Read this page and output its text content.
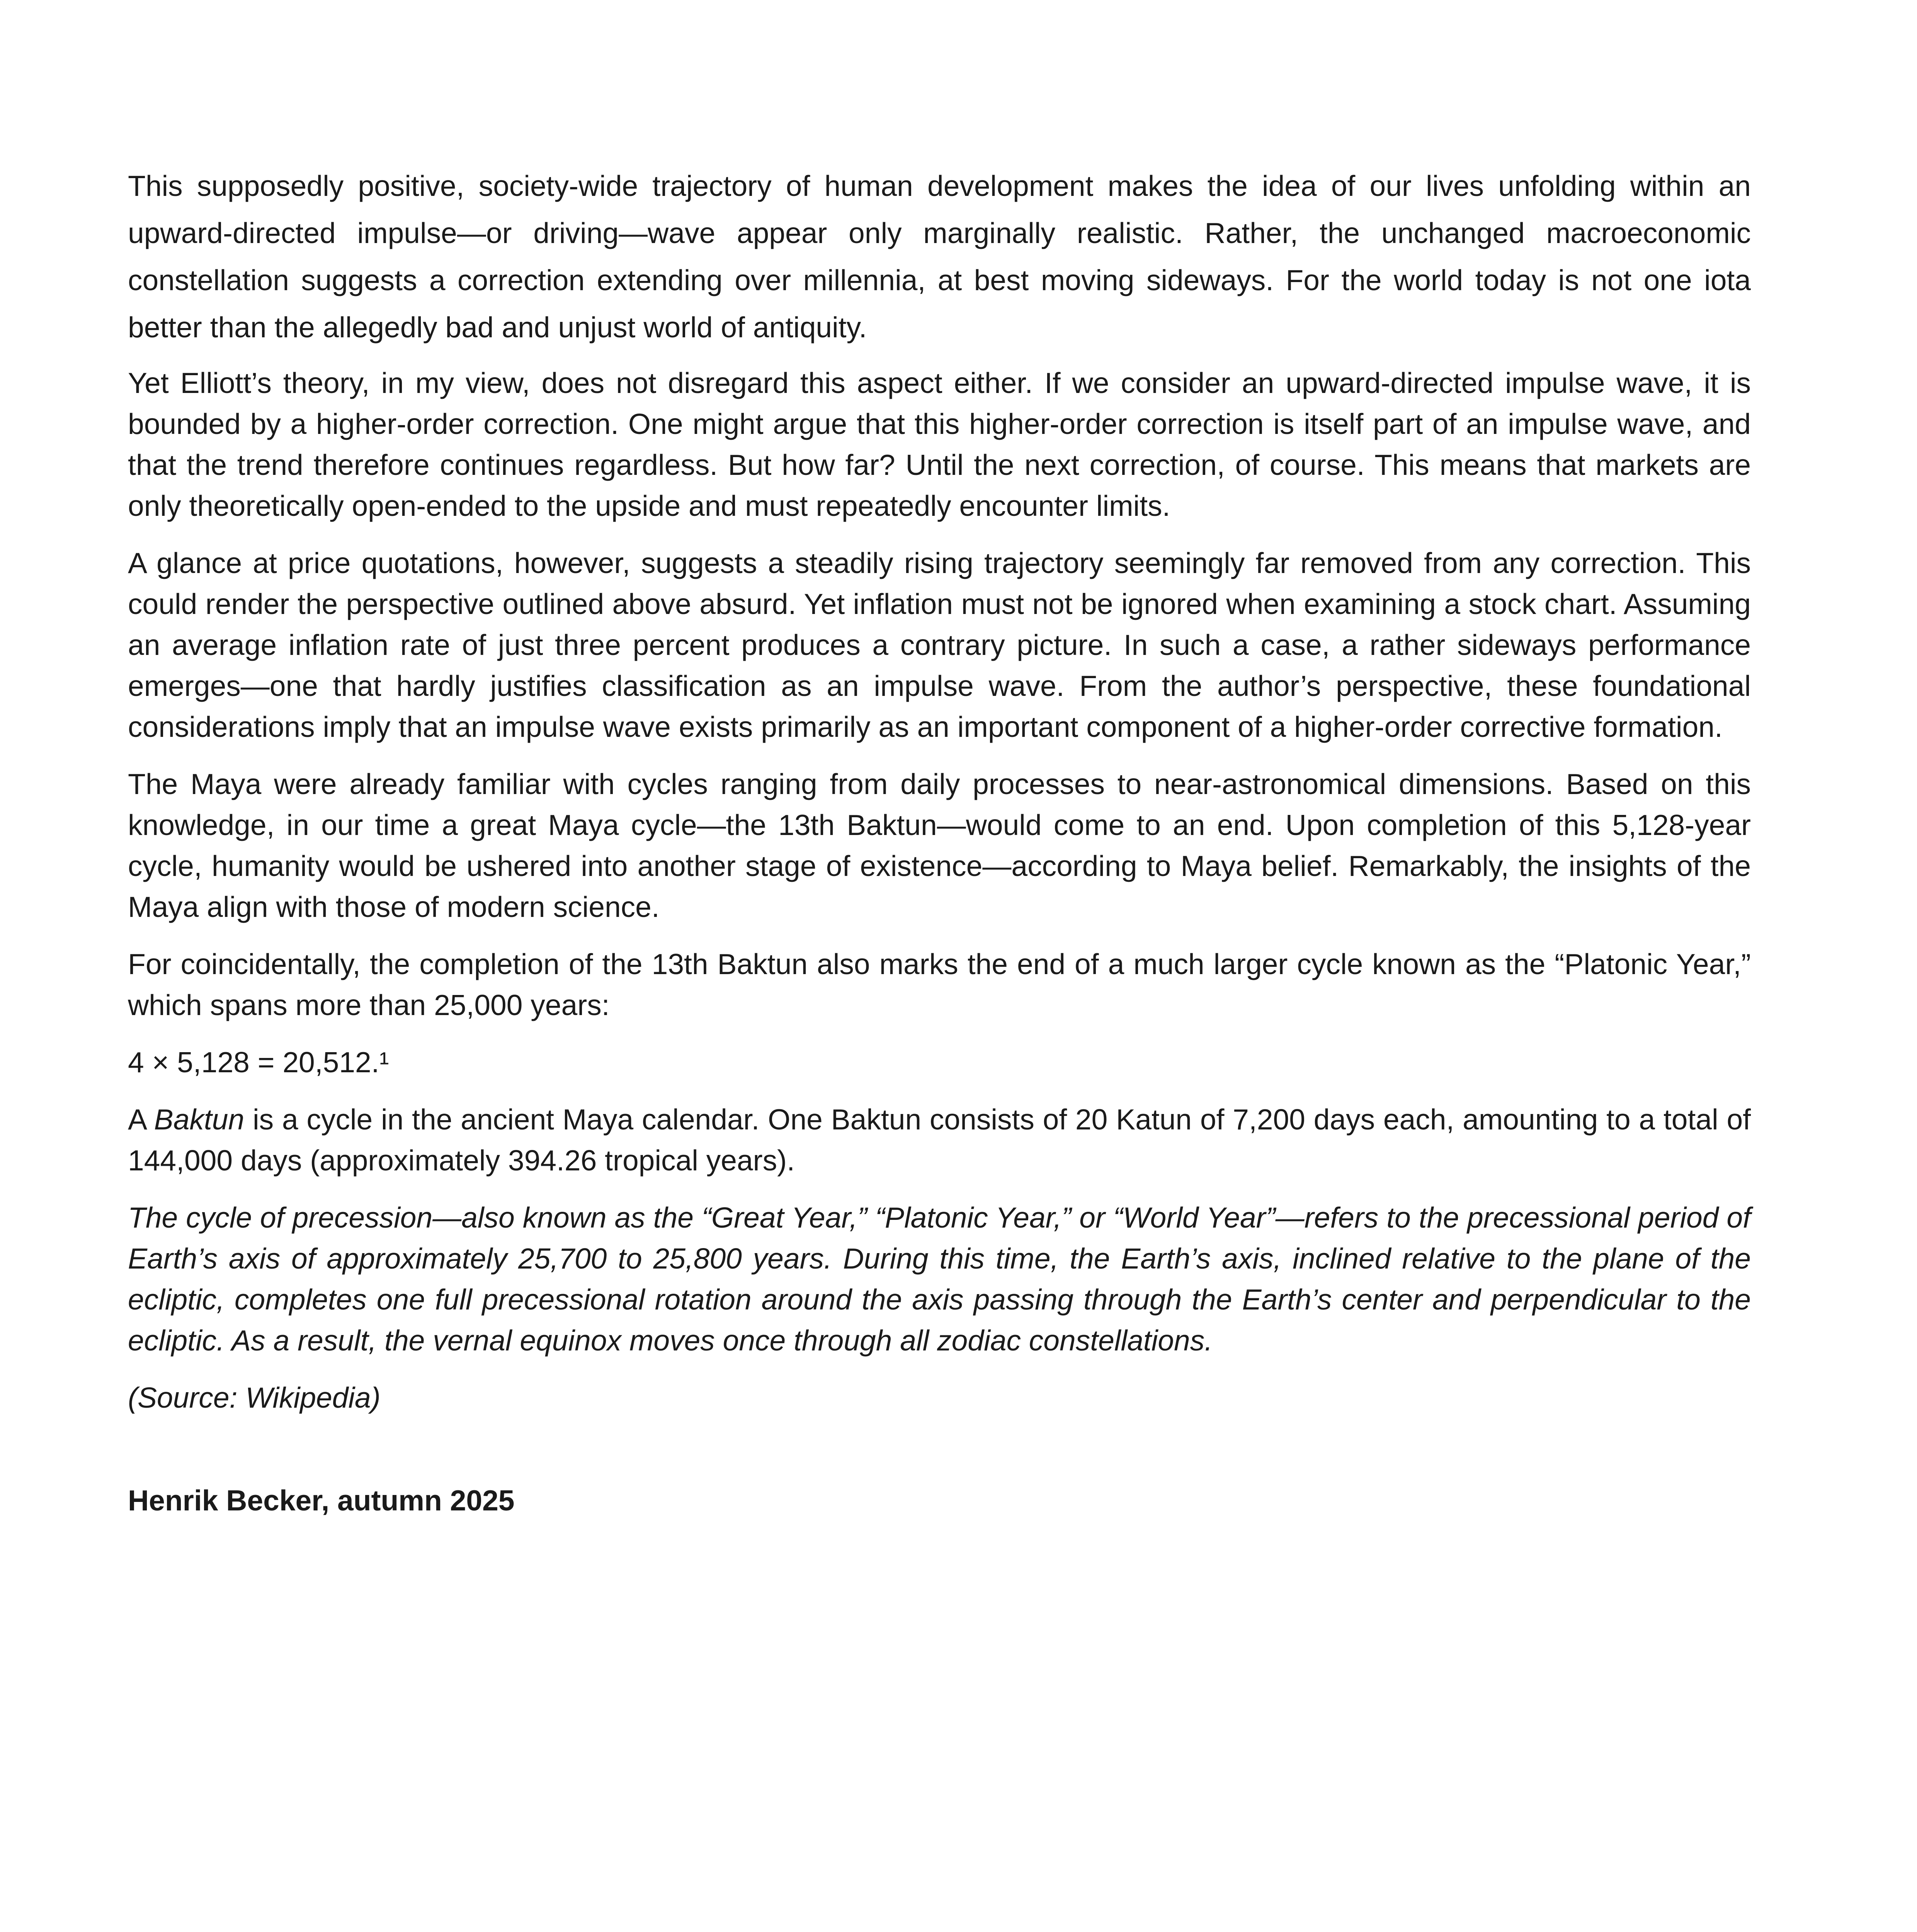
This supposedly positive, society-wide trajectory of human development makes the idea of our lives unfolding within an upward-directed impulse—or driving—wave appear only marginally realistic. Rather, the unchanged macroeconomic constellation suggests a correction extending over millennia, at best moving sideways. For the world today is not one iota better than the allegedly bad and unjust world of antiquity.

Yet Elliott’s theory, in my view, does not disregard this aspect either. If we consider an upward-directed impulse wave, it is bounded by a higher-order correction. One might argue that this higher-order correction is itself part of an impulse wave, and that the trend therefore continues regardless. But how far? Until the next correction, of course. This means that markets are only theoretically open-ended to the upside and must repeatedly encounter limits.

A glance at price quotations, however, suggests a steadily rising trajectory seemingly far removed from any correction. This could render the perspective outlined above absurd. Yet inflation must not be ignored when examining a stock chart. Assuming an average inflation rate of just three percent produces a contrary picture. In such a case, a rather sideways performance emerges—one that hardly justifies classification as an impulse wave. From the author’s perspective, these foundational considerations imply that an impulse wave exists primarily as an important component of a higher-order corrective formation.

The Maya were already familiar with cycles ranging from daily processes to near-astronomical dimensions. Based on this knowledge, in our time a great Maya cycle—the 13th Baktun—would come to an end. Upon completion of this 5,128-year cycle, humanity would be ushered into another stage of existence—according to Maya belief. Remarkably, the insights of the Maya align with those of modern science.

For coincidentally, the completion of the 13th Baktun also marks the end of a much larger cycle known as the “Platonic Year,” which spans more than 25,000 years:

4 × 5,128 = 20,512.¹

A Baktun is a cycle in the ancient Maya calendar. One Baktun consists of 20 Katun of 7,200 days each, amounting to a total of 144,000 days (approximately 394.26 tropical years).

The cycle of precession—also known as the “Great Year,” “Platonic Year,” or “World Year”—refers to the precessional period of Earth’s axis of approximately 25,700 to 25,800 years. During this time, the Earth’s axis, inclined relative to the plane of the ecliptic, completes one full precessional rotation around the axis passing through the Earth’s center and perpendicular to the ecliptic. As a result, the vernal equinox moves once through all zodiac constellations.

(Source: Wikipedia)

Henrik Becker, autumn 2025
